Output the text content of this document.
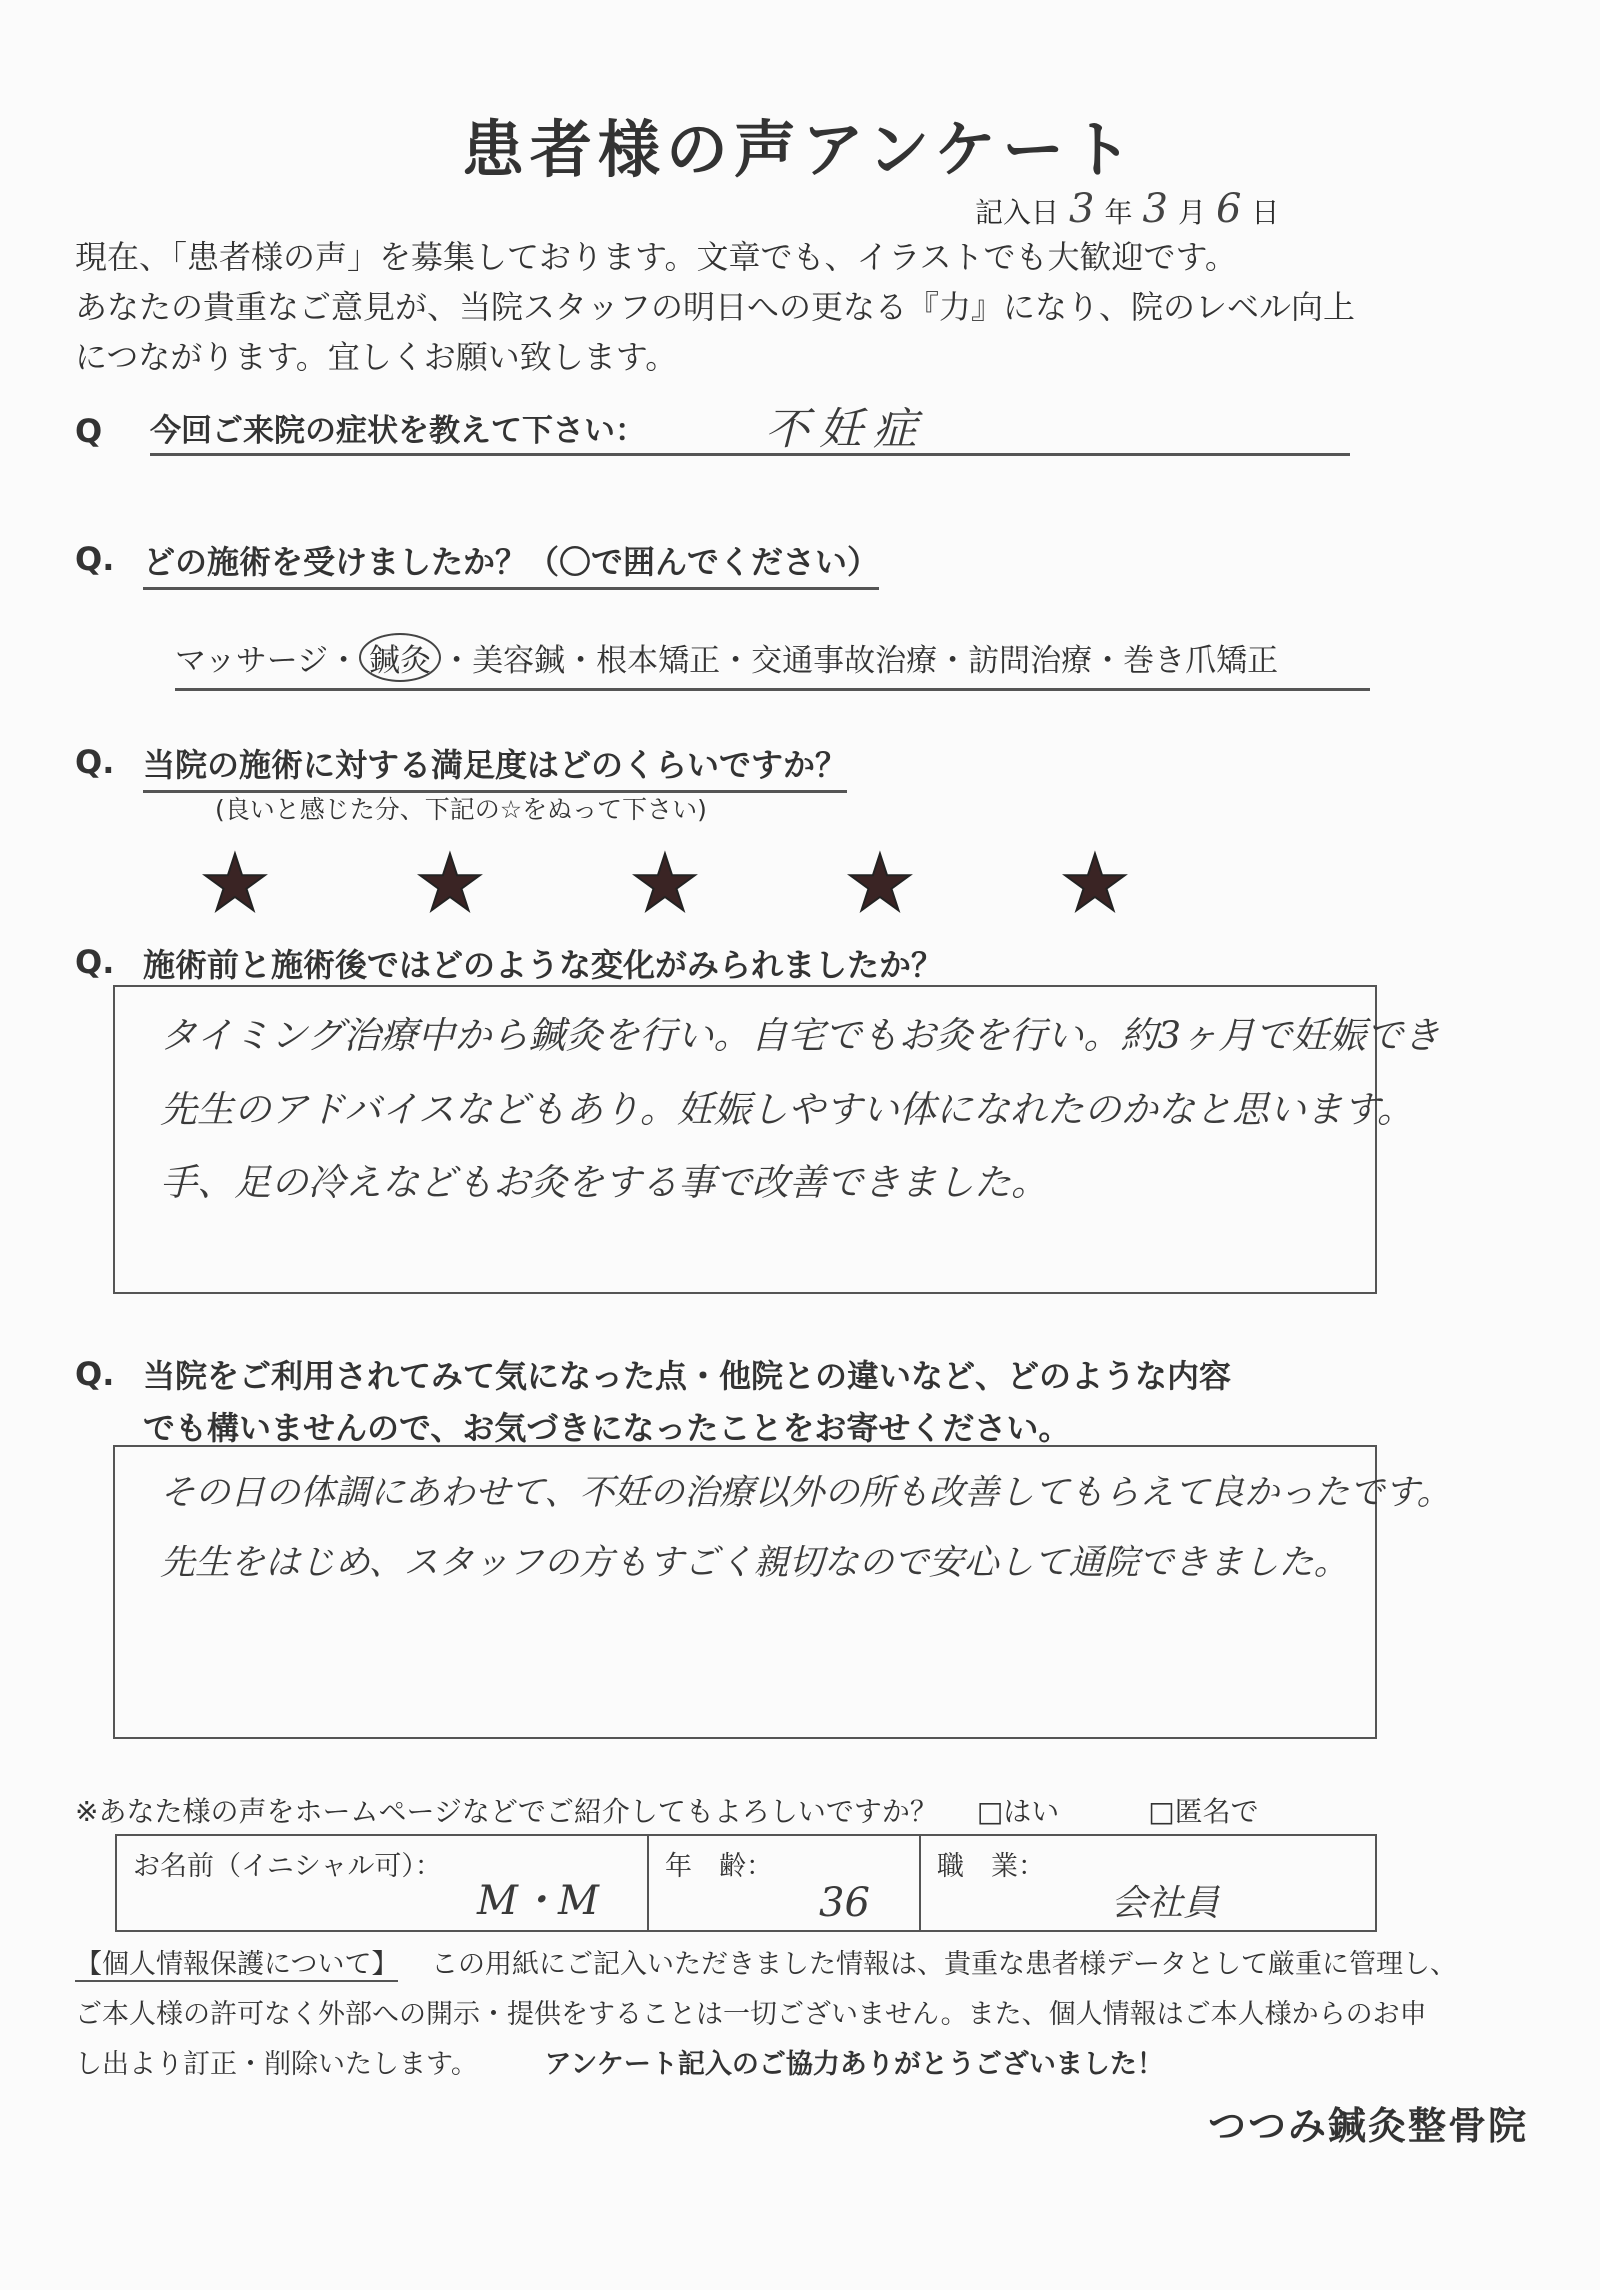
患者様の声アンケート
記入日 3 年 3 月 6 日
現在、「患者様の声」を募集しております。文章でも、イラストでも大歓迎です。
あなたの貴重なご意見が、当院スタッフの明日への更なる『力』になり、院のレベル向上
につながります。宜しくお願い致します。
Q 今回ご来院の症状を教えて下さい：	不妊症
Q. どの施術を受けましたか？（〇で囲んでください）
マッサージ・ 鍼灸 ・美容鍼・根本矯正・交通事故治療・訪問治療・巻き爪矯正
Q. 当院の施術に対する満足度はどのくらいですか？
(良いと感じた分、下記の☆をぬって下さい)
★ ★ ★ ★ ★
Q. 施術前と施術後ではどのような変化がみられましたか？
タイミング治療中から鍼灸を行い。自宅でもお灸を行い。約3ヶ月で妊娠でき
先生のアドバイスなどもあり。妊娠しやすい体になれたのかなと思います。
手、足の冷えなどもお灸をする事で改善できました。
Q. 当院をご利用されてみて気になった点・他院との違いなど、どのような内容
でも構いませんので、お気づきになったことをお寄せください。
その日の体調にあわせて、不妊の治療以外の所も改善してもらえて良かったです。
先生をはじめ、スタッフの方もすごく親切なので安心して通院できました。
※あなた様の声をホームページなどでご紹介してもよろしいですか？ □はい	□匿名で
お名前（イニシャル可）：
M・M
年　齢：
36
職　業：
会社員
【個人情報保護について】 この用紙にご記入いただきました情報は、貴重な患者様データとして厳重に管理し、
ご本人様の許可なく外部への開示・提供をすることは一切ございません。また、個人情報はご本人様からのお申
し出より訂正・削除いたします。 アンケート記入のご協力ありがとうございました！
つつみ鍼灸整骨院
